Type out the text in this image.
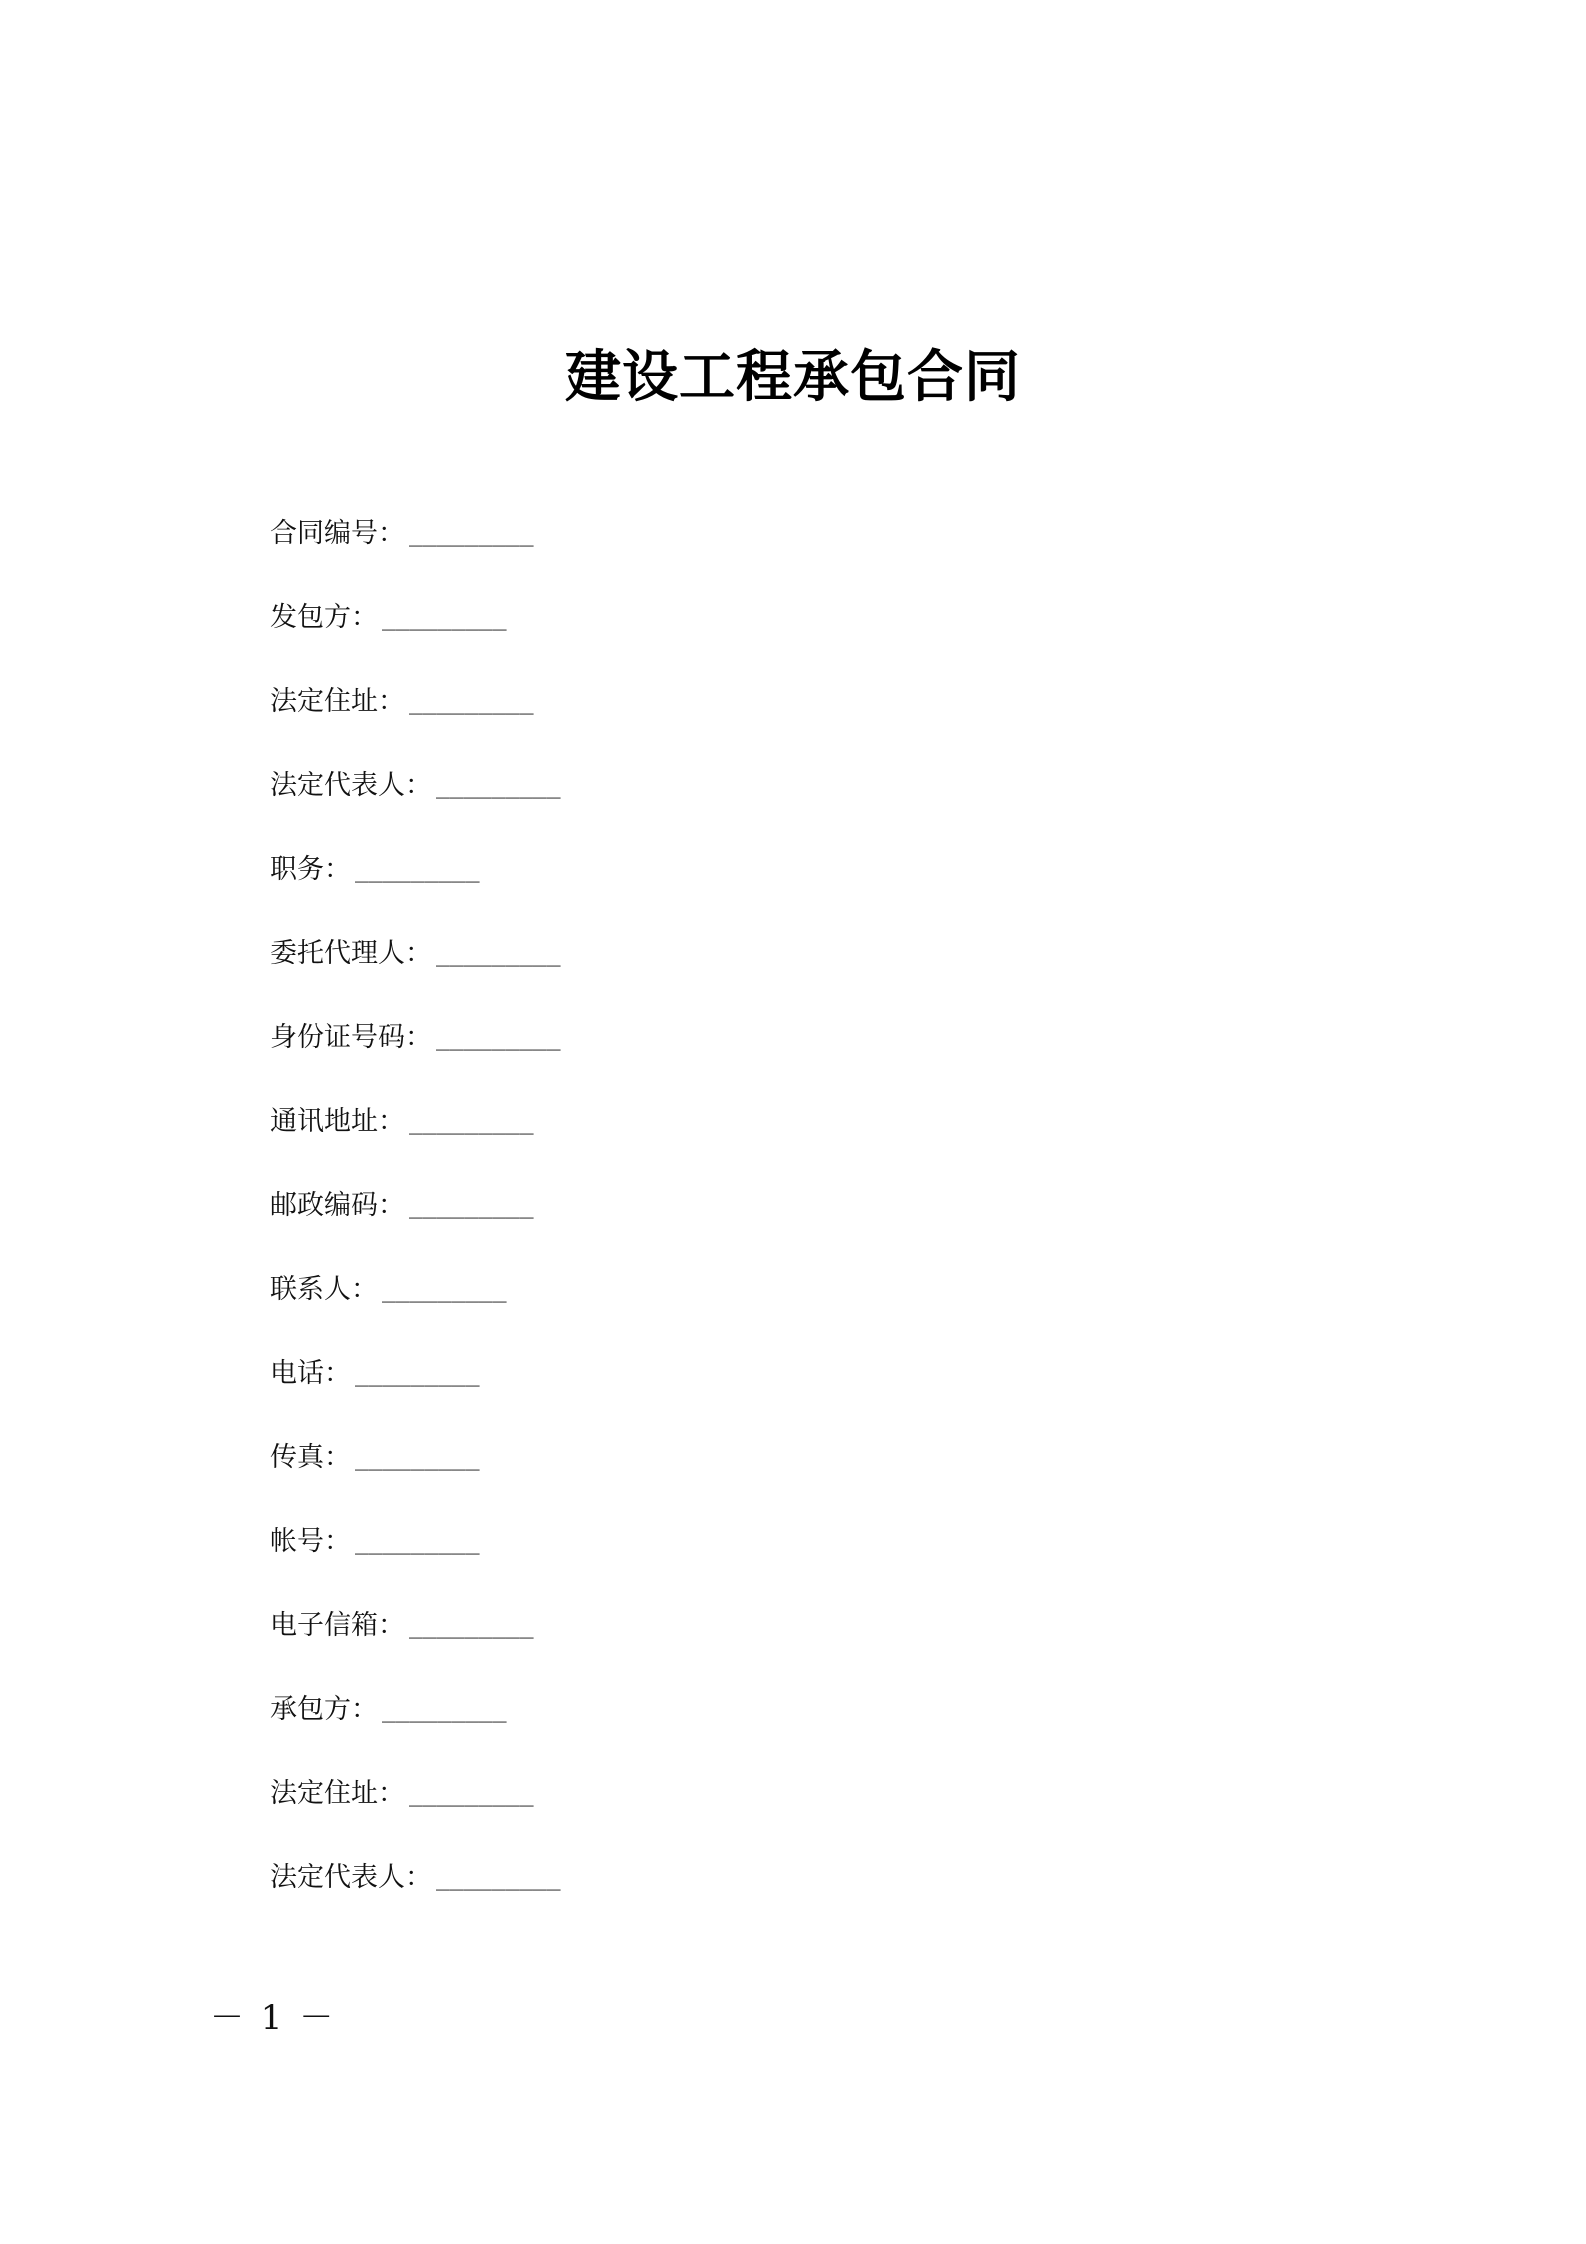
建设工程承包合同
合同编号： _________
发包方： _________
法定住址： _________
法定代表人： _________
职务： _________
委托代理人： _________
身份证号码： _________
通讯地址： _________
邮政编码： _________
联系人： _________
电话： _________
传真： _________
帐号： _________
电子信箱： _________
承包方： _________
法定住址： _________
法定代表人： _________
－ 1 －
